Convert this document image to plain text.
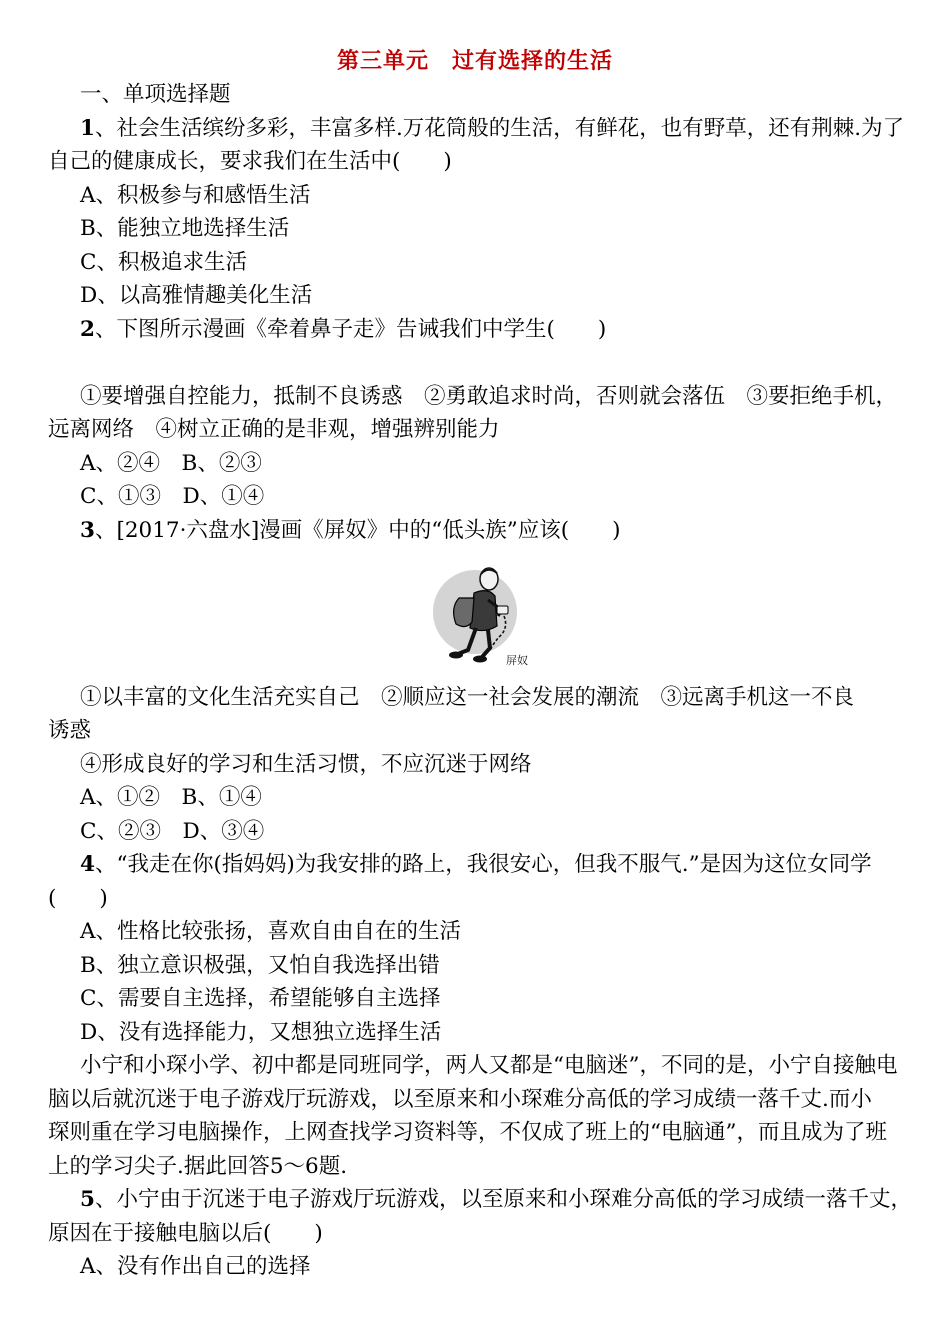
第三单元　过有选择的生活
一、单项选择题
1、社会生活缤纷多彩，丰富多样.万花筒般的生活，有鲜花，也有野草，还有荆棘.为了
自己的健康成长，要求我们在生活中(　　)
A、积极参与和感悟生活
B、能独立地选择生活
C、积极追求生活
D、以高雅情趣美化生活
2、下图所示漫画《牵着鼻子走》告诫我们中学生(　　)
①要增强自控能力，抵制不良诱惑　②勇敢追求时尚，否则就会落伍　③要拒绝手机，
远离网络　④树立正确的是非观，增强辨别能力
A、②④　B、②③
C、①③　D、①④
3、[2017·六盘水]漫画《屏奴》中的“低头族”应该(　　)
屏奴
①以丰富的文化生活充实自己　②顺应这一社会发展的潮流　③远离手机这一不良
诱惑
④形成良好的学习和生活习惯，不应沉迷于网络
A、①②　B、①④
C、②③　D、③④
4、“我走在你(指妈妈)为我安排的路上，我很安心，但我不服气.”是因为这位女同学
(　　)
A、性格比较张扬，喜欢自由自在的生活
B、独立意识极强，又怕自我选择出错
C、需要自主选择，希望能够自主选择
D、没有选择能力，又想独立选择生活
小宁和小琛小学、初中都是同班同学，两人又都是“电脑迷”，不同的是，小宁自接触电
脑以后就沉迷于电子游戏厅玩游戏，以至原来和小琛难分高低的学习成绩一落千丈.而小
琛则重在学习电脑操作，上网查找学习资料等，不仅成了班上的“电脑通”，而且成为了班
上的学习尖子.据此回答5～6题.
5、小宁由于沉迷于电子游戏厅玩游戏，以至原来和小琛难分高低的学习成绩一落千丈，
原因在于接触电脑以后(　　)
A、没有作出自己的选择
